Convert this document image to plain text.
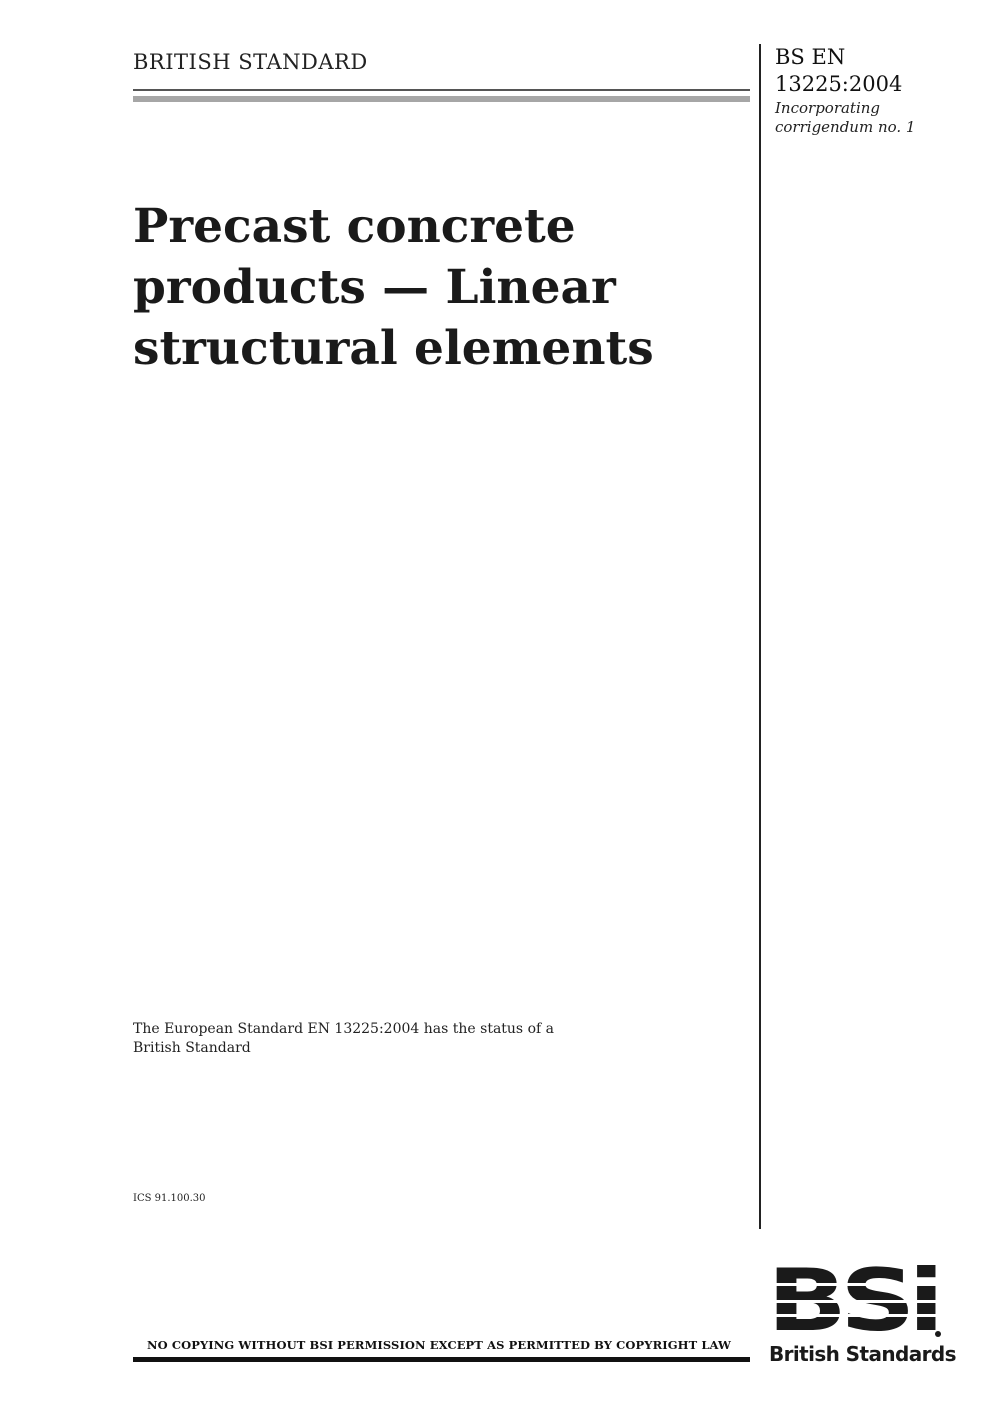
BRITISH STANDARD	BS EN
13225:2004
Incorporating
corrigendum no. 1
Precast concrete
products — Linear
structural elements
The European Standard EN 13225:2004 has the status of a
British Standard
ICS 91.100.30
NO COPYING WITHOUT BSI PERMISSION EXCEPT AS PERMITTED BY COPYRIGHT LAW British Standards
